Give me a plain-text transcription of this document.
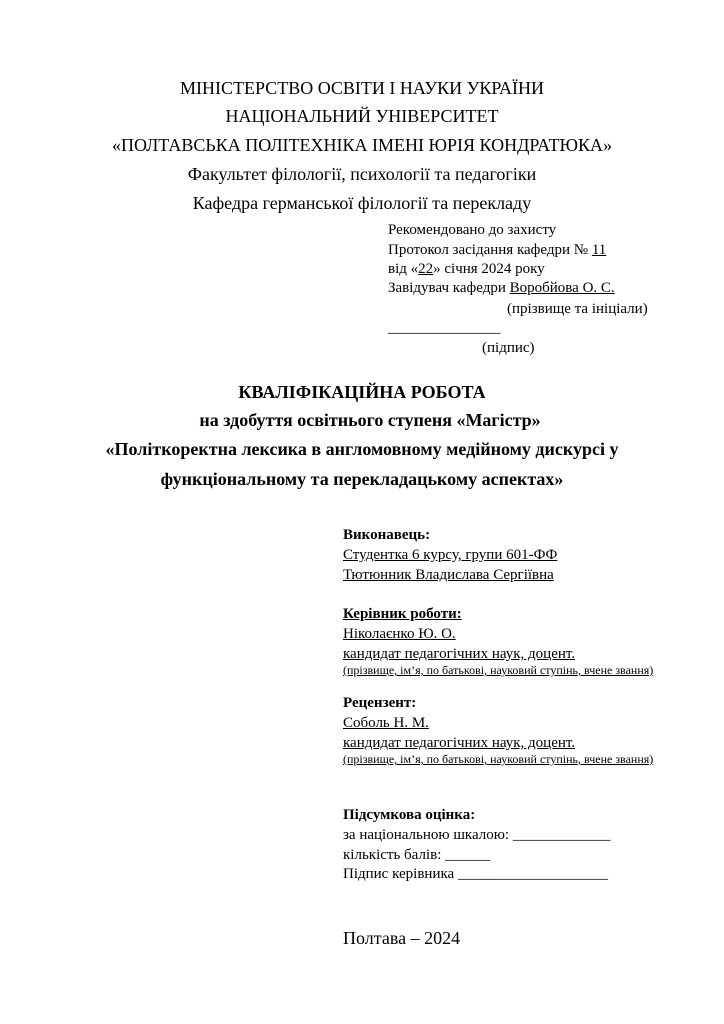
МІНІСТЕРСТВО ОСВІТИ І НАУКИ УКРАЇНИ
НАЦІОНАЛЬНИЙ УНІВЕРСИТЕТ
«ПОЛТАВСЬКА ПОЛІТЕХНІКА ІМЕНІ ЮРІЯ КОНДРАТЮКА»
Факультет філології, психології та педагогіки
Кафедра германської філології та перекладу
Рекомендовано до захисту
Протокол засідання кафедри № 11
від «22» січня 2024 року
Завідувач кафедри Воробйова О. С.
(прізвище та ініціали)
_______________
(підпис)
КВАЛІФІКАЦІЙНА РОБОТА
на здобуття освітнього ступеня «Магістр»
«Політкоректна лексика в англомовному медійному дискурсі у
функціональному та перекладацькому аспектах»
Виконавець:
Студентка 6 курсу, групи 601-ФФ
Тютюнник Владислава Сергіївна
Керівник роботи:
Ніколаєнко Ю. О.
кандидат педагогічних наук, доцент.
(прізвище, ім’я, по батькові, науковий ступінь, вчене звання)
Рецензент:
Соболь Н. М.
кандидат педагогічних наук, доцент.
(прізвище, ім’я, по батькові, науковий ступінь, вчене звання)
Підсумкова оцінка:
за національною шкалою: _____________
кількість балів: ______
Підпис керівника ____________________
Полтава – 2024
